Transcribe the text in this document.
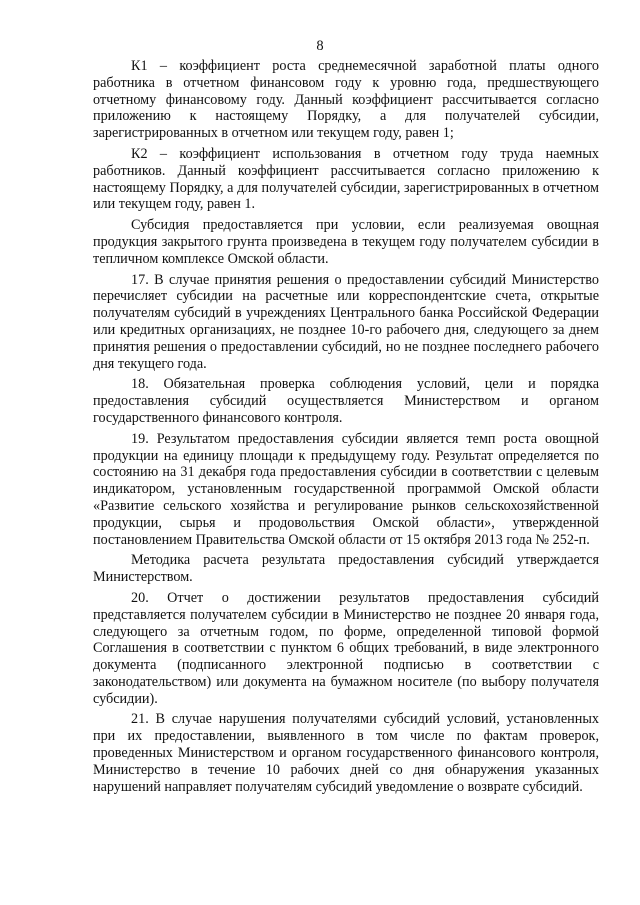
8

К1 – коэффициент роста среднемесячной заработной платы одного работника в отчетном финансовом году к уровню года, предшествующего отчетному финансовому году. Данный коэффициент рассчитывается согласно приложению к настоящему Порядку, а для получателей субсидии, зарегистрированных в отчетном или текущем году, равен 1;

К2 – коэффициент использования в отчетном году труда наемных работников. Данный коэффициент рассчитывается согласно приложению к настоящему Порядку, а для получателей субсидии, зарегистрированных в отчетном или текущем году, равен 1.

Субсидия предоставляется при условии, если реализуемая овощная продукция закрытого грунта произведена в текущем году получателем субсидии в тепличном комплексе Омской области.

17. В случае принятия решения о предоставлении субсидий Министерство перечисляет субсидии на расчетные или корреспондентские счета, открытые получателям субсидий в учреждениях Центрального банка Российской Федерации или кредитных организациях, не позднее 10-го рабочего дня, следующего за днем принятия решения о предоставлении субсидий, но не позднее последнего рабочего дня текущего года.

18. Обязательная проверка соблюдения условий, цели и порядка предоставления субсидий осуществляется Министерством и органом государственного финансового контроля.

19. Результатом предоставления субсидии является темп роста овощной продукции на единицу площади к предыдущему году. Результат определяется по состоянию на 31 декабря года предоставления субсидии в соответствии с целевым индикатором, установленным государственной программой Омской области «Развитие сельского хозяйства и регулирование рынков сельскохозяйственной продукции, сырья и продовольствия Омской области», утвержденной постановлением Правительства Омской области от 15 октября 2013 года № 252-п.

Методика расчета результата предоставления субсидий утверждается Министерством.

20. Отчет о достижении результатов предоставления субсидий представляется получателем субсидии в Министерство не позднее 20 января года, следующего за отчетным годом, по форме, определенной типовой формой Соглашения в соответствии с пунктом 6 общих требований, в виде электронного документа (подписанного электронной подписью в соответствии с законодательством) или документа на бумажном носителе (по выбору получателя субсидии).

21. В случае нарушения получателями субсидий условий, установленных при их предоставлении, выявленного в том числе по фактам проверок, проведенных Министерством и органом государственного финансового контроля, Министерство в течение 10 рабочих дней со дня обнаружения указанных нарушений направляет получателям субсидий уведомление о возврате субсидий.
